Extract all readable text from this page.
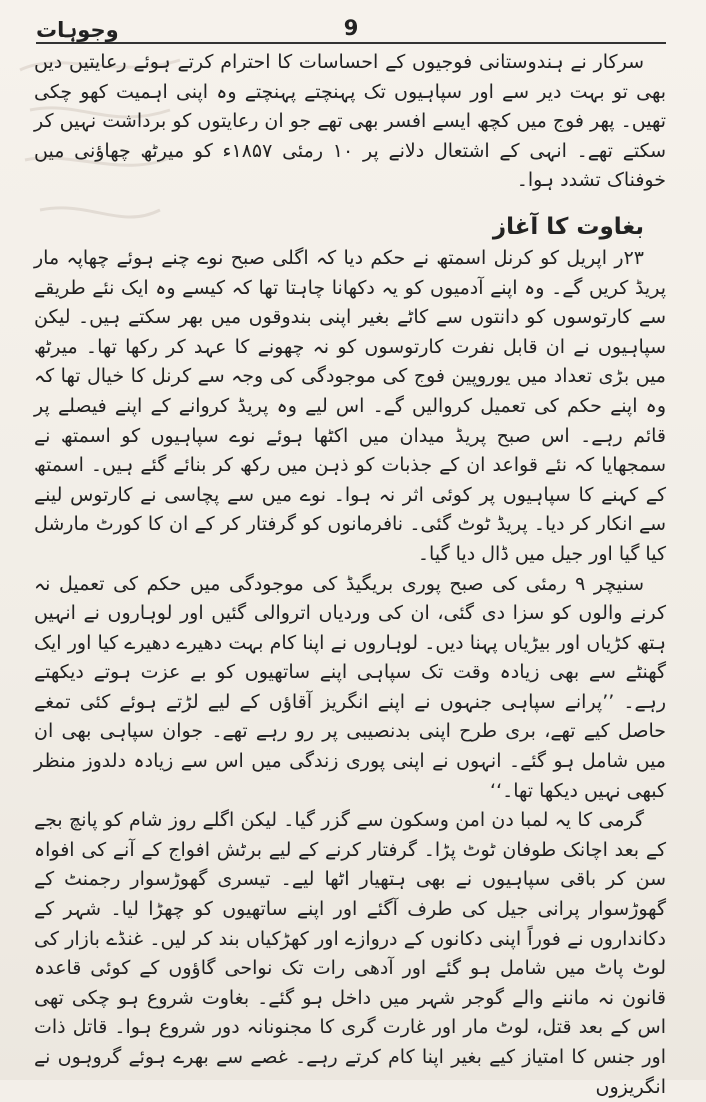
وجوہات	9

سرکار نے ہندوستانی فوجیوں کے احساسات کا احترام کرتے ہوئے رعایتیں دیں بھی تو بہت دیر سے اور سپاہیوں تک پہنچتے پہنچتے وہ اپنی اہمیت کھو چکی تھیں۔ پھر فوج میں کچھ ایسے افسر بھی تھے جو ان رعایتوں کو برداشت نہیں کر سکتے تھے۔ انہی کے اشتعال دلانے پر ۱۰ رمئی ۱۸۵۷ء کو میرٹھ چھاؤنی میں خوفناک تشدد ہوا۔

بغاوت کا آغاز

۲۳ر اپریل کو کرنل اسمتھ نے حکم دیا کہ اگلی صبح نوے چنے ہوئے چھاپہ مار پریڈ کریں گے۔ وہ اپنے آدمیوں کو یہ دکھانا چاہتا تھا کہ کیسے وہ ایک نئے طریقے سے کارتوسوں کو دانتوں سے کاٹے بغیر اپنی بندوقوں میں بھر سکتے ہیں۔ لیکن سپاہیوں نے ان قابل نفرت کارتوسوں کو نہ چھونے کا عہد کر رکھا تھا۔ میرٹھ میں بڑی تعداد میں یوروپین فوج کی موجودگی کی وجہ سے کرنل کا خیال تھا کہ وہ اپنے حکم کی تعمیل کروالیں گے۔ اس لیے وہ پریڈ کروانے کے اپنے فیصلے پر قائم رہے۔ اس صبح پریڈ میدان میں اکٹھا ہوئے نوے سپاہیوں کو اسمتھ نے سمجھایا کہ نئے قواعد ان کے جذبات کو ذہن میں رکھ کر بنائے گئے ہیں۔ اسمتھ کے کہنے کا سپاہیوں پر کوئی اثر نہ ہوا۔ نوے میں سے پچاسی نے کارتوس لینے سے انکار کر دیا۔ پریڈ ٹوٹ گئی۔ نافرمانوں کو گرفتار کر کے ان کا کورٹ مارشل کیا گیا اور جیل میں ڈال دیا گیا۔

سنیچر ۹ رمئی کی صبح پوری بریگیڈ کی موجودگی میں حکم کی تعمیل نہ کرنے والوں کو سزا دی گئی، ان کی وردیاں اتروالی گئیں اور لوہاروں نے انہیں ہتھ کڑیاں اور بیڑیاں پہنا دیں۔ لوہاروں نے اپنا کام بہت دھیرے دھیرے کیا اور ایک گھنٹے سے بھی زیادہ وقت تک سپاہی اپنے ساتھیوں کو بے عزت ہوتے دیکھتے رہے۔ ’’پرانے سپاہی جنہوں نے اپنے انگریز آقاؤں کے لیے لڑتے ہوئے کئی تمغے حاصل کیے تھے، بری طرح اپنی بدنصیبی پر رو رہے تھے۔ جوان سپاہی بھی ان میں شامل ہو گئے۔ انہوں نے اپنی پوری زندگی میں اس سے زیادہ دلدوز منظر کبھی نہیں دیکھا تھا۔‘‘

گرمی کا یہ لمبا دن امن وسکون سے گزر گیا۔ لیکن اگلے روز شام کو پانچ بجے کے بعد اچانک طوفان ٹوٹ پڑا۔ گرفتار کرنے کے لیے برٹش افواج کے آنے کی افواہ سن کر باقی سپاہیوں نے بھی ہتھیار اٹھا لیے۔ تیسری گھوڑسوار رجمنٹ کے گھوڑسوار پرانی جیل کی طرف آگئے اور اپنے ساتھیوں کو چھڑا لیا۔ شہر کے دکانداروں نے فوراً اپنی دکانوں کے دروازے اور کھڑکیاں بند کر لیں۔ غنڈے بازار کی لوٹ پاٹ میں شامل ہو گئے اور آدھی رات تک نواحی گاؤوں کے کوئی قاعدہ قانون نہ ماننے والے گوجر شہر میں داخل ہو گئے۔ بغاوت شروع ہو چکی تھی اس کے بعد قتل، لوٹ مار اور غارت گری کا مجنونانہ دور شروع ہوا۔ قاتل ذات اور جنس کا امتیاز کیے بغیر اپنا کام کرتے رہے۔ غصے سے بھرے ہوئے گروہوں نے انگریزوں
